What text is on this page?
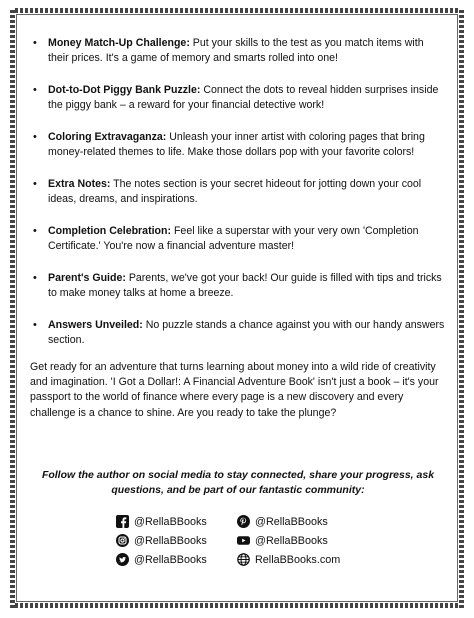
• Money Match-Up Challenge: Put your skills to the test as you match items with their prices. It's a game of memory and smarts rolled into one!
• Dot-to-Dot Piggy Bank Puzzle: Connect the dots to reveal hidden surprises inside the piggy bank – a reward for your financial detective work!
• Coloring Extravaganza: Unleash your inner artist with coloring pages that bring money-related themes to life. Make those dollars pop with your favorite colors!
• Extra Notes: The notes section is your secret hideout for jotting down your cool ideas, dreams, and inspirations.
• Completion Celebration: Feel like a superstar with your very own 'Completion Certificate.' You're now a financial adventure master!
• Parent's Guide: Parents, we've got your back! Our guide is filled with tips and tricks to make money talks at home a breeze.
• Answers Unveiled: No puzzle stands a chance against you with our handy answers section.

Get ready for an adventure that turns learning about money into a wild ride of creativity and imagination. 'I Got a Dollar!: A Financial Adventure Book' isn't just a book – it's your passport to the world of finance where every page is a new discovery and every challenge is a chance to shine. Are you ready to take the plunge?

Follow the author on social media to stay connected, share your progress, ask questions, and be part of our fantastic community:
@RellaBBooks
@RellaBBooks
@RellaBBooks
@RellaBBooks
@RellaBBooks
RellaBBooks.com
